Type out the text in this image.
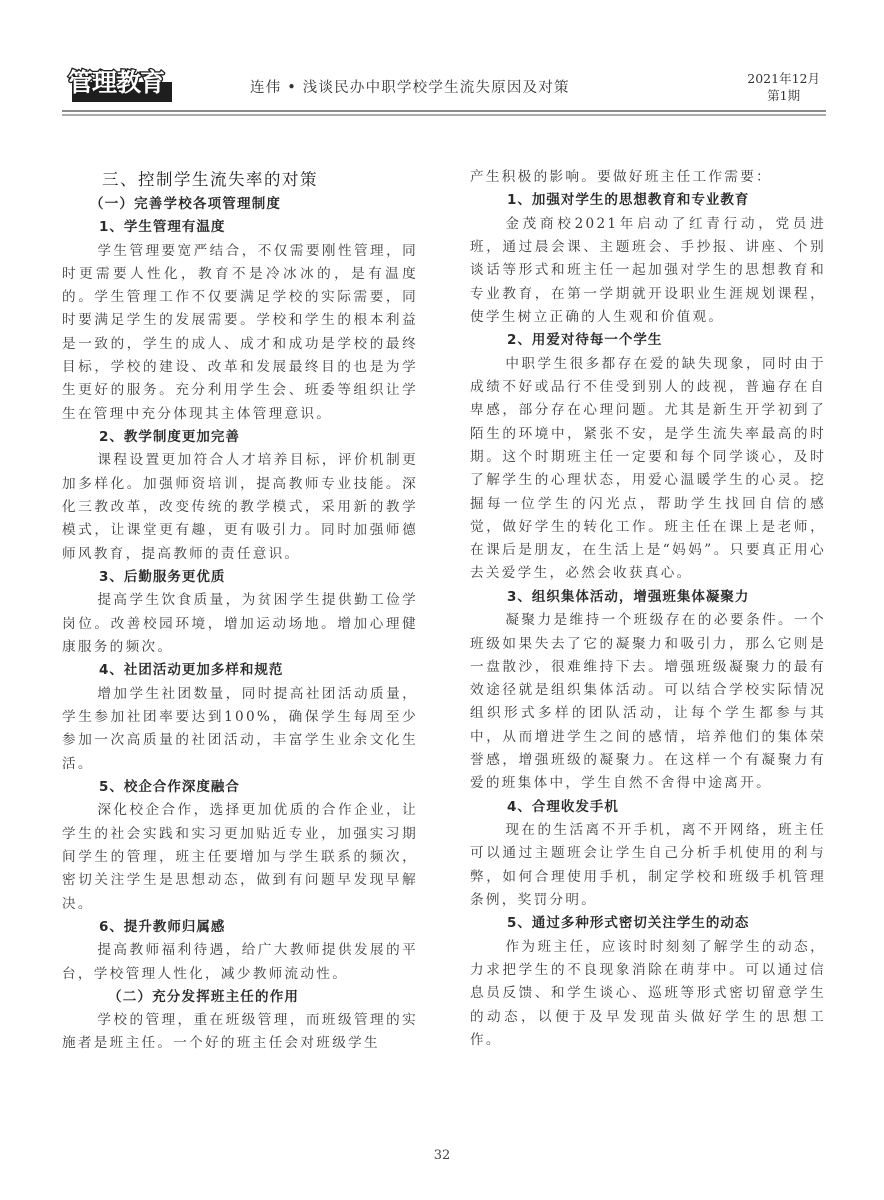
管理教育	连伟 • 浅谈民办中职学校学生流失原因及对策
2021年12月
第1期
三、控制学生流失率的对策
（一）完善学校各项管理制度
1、学生管理有温度

学生管理要宽严结合，不仅需要刚性管理，同时更需要人性化，教育不是冷冰冰的，是有温度的。学生管理工作不仅要满足学校的实际需要，同时要满足学生的发展需要。学校和学生的根本利益是一致的，学生的成人、成才和成功是学校的最终目标，学校的建设、改革和发展最终目的也是为学生更好的服务。充分利用学生会、班委等组织让学生在管理中充分体现其主体管理意识。

2、教学制度更加完善

课程设置更加符合人才培养目标，评价机制更加多样化。加强师资培训，提高教师专业技能。深化三教改革，改变传统的教学模式，采用新的教学模式，让课堂更有趣，更有吸引力。同时加强师德师风教育，提高教师的责任意识。

3、后勤服务更优质

提高学生饮食质量，为贫困学生提供勤工俭学岗位。改善校园环境，增加运动场地。增加心理健康服务的频次。

4、社团活动更加多样和规范

增加学生社团数量，同时提高社团活动质量，学生参加社团率要达到100%，确保学生每周至少参加一次高质量的社团活动，丰富学生业余文化生活。

5、校企合作深度融合

深化校企合作，选择更加优质的合作企业，让学生的社会实践和实习更加贴近专业，加强实习期间学生的管理，班主任要增加与学生联系的频次，密切关注学生是思想动态，做到有问题早发现早解决。

6、提升教师归属感

提高教师福利待遇，给广大教师提供发展的平台，学校管理人性化，减少教师流动性。

（二）充分发挥班主任的作用

学校的管理，重在班级管理，而班级管理的实施者是班主任。一个好的班主任会对班级学生

产生积极的影响。要做好班主任工作需要：

1、加强对学生的思想教育和专业教育

金茂商校2021年启动了红青行动，党员进班，通过晨会课、主题班会、手抄报、讲座、个别谈话等形式和班主任一起加强对学生的思想教育和专业教育，在第一学期就开设职业生涯规划课程，使学生树立正确的人生观和价值观。

2、用爱对待每一个学生

中职学生很多都存在爱的缺失现象，同时由于成绩不好或品行不佳受到别人的歧视，普遍存在自卑感，部分存在心理问题。尤其是新生开学初到了陌生的环境中，紧张不安，是学生流失率最高的时期。这个时期班主任一定要和每个同学谈心，及时了解学生的心理状态，用爱心温暖学生的心灵。挖掘每一位学生的闪光点，帮助学生找回自信的感觉，做好学生的转化工作。班主任在课上是老师，在课后是朋友，在生活上是“妈妈”。只要真正用心去关爱学生，必然会收获真心。

3、组织集体活动，增强班集体凝聚力

凝聚力是维持一个班级存在的必要条件。一个班级如果失去了它的凝聚力和吸引力，那么它则是一盘散沙，很难维持下去。增强班级凝聚力的最有效途径就是组织集体活动。可以结合学校实际情况组织形式多样的团队活动，让每个学生都参与其中，从而增进学生之间的感情，培养他们的集体荣誉感，增强班级的凝聚力。在这样一个有凝聚力有爱的班集体中，学生自然不舍得中途离开。

4、合理收发手机

现在的生活离不开手机，离不开网络，班主任可以通过主题班会让学生自己分析手机使用的利与弊，如何合理使用手机，制定学校和班级手机管理条例，奖罚分明。

5、通过多种形式密切关注学生的动态

作为班主任，应该时时刻刻了解学生的动态，力求把学生的不良现象消除在萌芽中。可以通过信息员反馈、和学生谈心、巡班等形式密切留意学生的动态，以便于及早发现苗头做好学生的思想工作。

32
